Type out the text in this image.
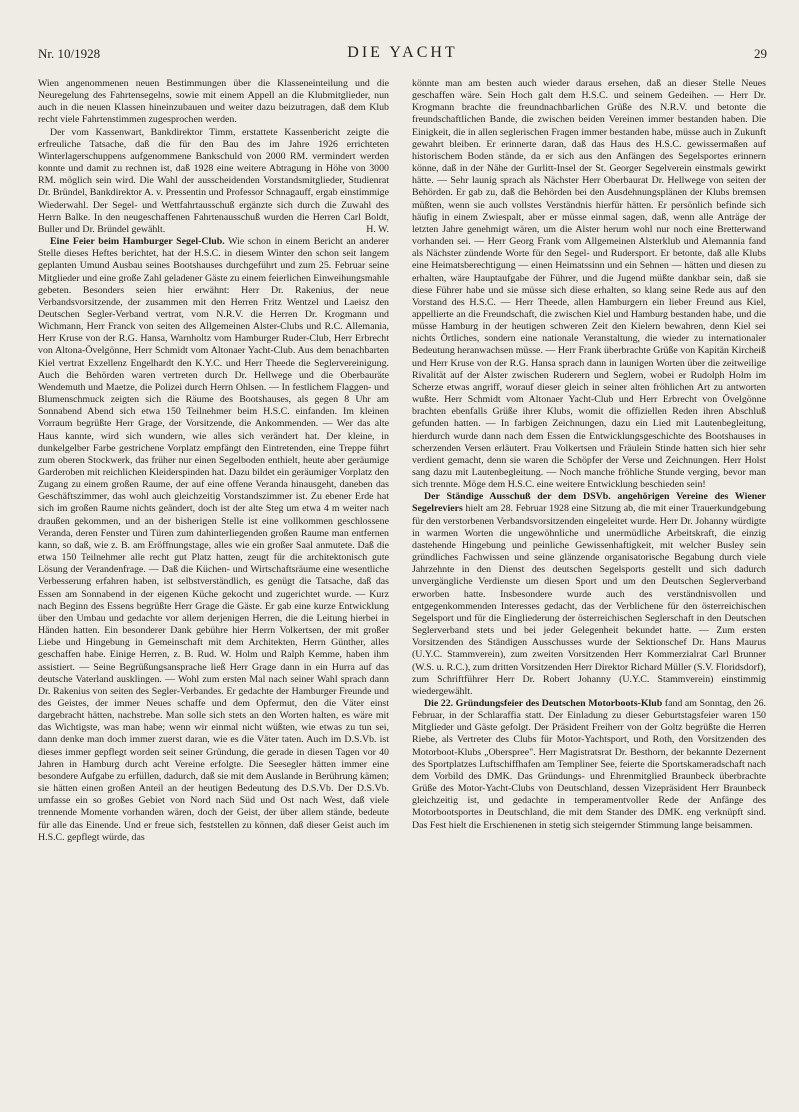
Nr. 10/1928	DIE YACHT	29

Wien angenommenen neuen Bestimmungen über die Klasseneinteilung und die Neuregelung des Fahrtensegelns, sowie mit einem Appell an die Klubmitglieder, nun auch in die neuen Klassen hineinzubauen und weiter dazu beizutragen, daß dem Klub recht viele Fahrtenstimmen zugesprochen werden.

Der vom Kassenwart, Bankdirektor Timm, erstattete Kassenbericht zeigte die erfreuliche Tatsache, daß die für den Bau des im Jahre 1926 errichteten Winterlagerschuppens aufgenommene Bankschuld von 2000 RM. vermindert werden konnte und damit zu rechnen ist, daß 1928 eine weitere Abtragung in Höhe von 3000 RM. möglich sein wird. Die Wahl der ausscheidenden Vorstandsmitglieder, Studienrat Dr. Bründel, Bankdirektor A. v. Pressentin und Professor Schnagauff, ergab einstimmige Wiederwahl. Der Segel- und Wettfahrtausschuß ergänzte sich durch die Zuwahl des Herrn Balke. In den neugeschaffenen Fahrtenausschuß wurden die Herren Carl Boldt, Buller und Dr. Bründel gewählt.	H. W.

Eine Feier beim Hamburger Segel-Club. Wie schon in einem Bericht an anderer Stelle dieses Heftes berichtet, hat der H.S.C. in diesem Winter den schon seit langem geplanten Umund Ausbau seines Bootshauses durchgeführt und zum 25. Februar seine Mitglieder und eine große Zahl geladener Gäste zu einem feierlichen Einweihungsmahle gebeten. Besonders seien hier erwähnt: Herr Dr. Rakenius, der neue Verbandsvorsitzende, der zusammen mit den Herren Fritz Wentzel und Laeisz den Deutschen Segler-Verband vertrat, vom N.R.V. die Herren Dr. Krogmann und Wichmann, Herr Franck von seiten des Allgemeinen Alster-Clubs und R.C. Allemania, Herr Kruse von der R.G. Hansa, Warnholtz vom Hamburger Ruder-Club, Herr Erbrecht von Altona-Övelgönne, Herr Schmidt vom Altonaer Yacht-Club. Aus dem benachbarten Kiel vertrat Exzellenz Engelhardt den K.Y.C. und Herr Theede die Seglervereinigung. Auch die Behörden waren vertreten durch Dr. Hellwege und die Oberbauräte Wendemuth und Maetze, die Polizei durch Herrn Ohlsen. — In festlichem Flaggen- und Blumenschmuck zeigten sich die Räume des Bootshauses, als gegen 8 Uhr am Sonnabend Abend sich etwa 150 Teilnehmer beim H.S.C. einfanden. Im kleinen Vorraum begrüßte Herr Grage, der Vorsitzende, die Ankommenden. — Wer das alte Haus kannte, wird sich wundern, wie alles sich verändert hat. Der kleine, in dunkelgelber Farbe gestrichene Vorplatz empfängt den Eintretenden, eine Treppe führt zum oberen Stockwerk, das früher nur einen Segelboden enthielt, heute aber geräumige Garderoben mit reichlichen Kleiderspinden hat. Dazu bildet ein geräumiger Vorplatz den Zugang zu einem großen Raume, der auf eine offene Veranda hinausgeht, daneben das Geschäftszimmer, das wohl auch gleichzeitig Vorstandszimmer ist. Zu ebener Erde hat sich im großen Raume nichts geändert, doch ist der alte Steg um etwa 4 m weiter nach draußen gekommen, und an der bisherigen Stelle ist eine vollkommen geschlossene Veranda, deren Fenster und Türen zum dahinterliegenden großen Raume man entfernen kann, so daß, wie z. B. am Eröffnungstage, alles wie ein großer Saal anmutete. Daß die etwa 150 Teilnehmer alle recht gut Platz hatten, zeugt für die architektonisch gute Lösung der Verandenfrage. — Daß die Küchen- und Wirtschaftsräume eine wesentliche Verbesserung erfahren haben, ist selbstverständlich, es genügt die Tatsache, daß das Essen am Sonnabend in der eigenen Küche gekocht und zugerichtet wurde. — Kurz nach Beginn des Essens begrüßte Herr Grage die Gäste. Er gab eine kurze Entwicklung über den Umbau und gedachte vor allem derjenigen Herren, die die Leitung hierbei in Händen hatten. Ein besonderer Dank gebühre hier Herrn Volkertsen, der mit großer Liebe und Hingebung in Gemeinschaft mit dem Architekten, Herrn Günther, alles geschaffen habe. Einige Herren, z. B. Rud. W. Holm und Ralph Kemme, haben ihm assistiert. — Seine Begrüßungsansprache ließ Herr Grage dann in ein Hurra auf das deutsche Vaterland ausklingen. — Wohl zum ersten Mal nach seiner Wahl sprach dann Dr. Rakenius von seiten des Segler-Verbandes. Er gedachte der Hamburger Freunde und des Geistes, der immer Neues schaffe und dem Opfermut, den die Väter einst dargebracht hätten, nachstrebe. Man solle sich stets an den Worten halten, es wäre mit das Wichtigste, was man habe; wenn wir einmal nicht wüßten, wie etwas zu tun sei, dann denke man doch immer zuerst daran, wie es die Väter taten. Auch im D.S.Vb. ist dieses immer gepflegt worden seit seiner Gründung, die gerade in diesen Tagen vor 40 Jahren in Hamburg durch acht Vereine erfolgte. Die Seesegler hätten immer eine besondere Aufgabe zu erfüllen, dadurch, daß sie mit dem Auslande in Berührung kämen; sie hätten einen großen Anteil an der heutigen Bedeutung des D.S.Vb. Der D.S.Vb. umfasse ein so großes Gebiet von Nord nach Süd und Ost nach West, daß viele trennende Momente vorhanden wären, doch der Geist, der über allem stände, bedeute für alle das Einende. Und er freue sich, feststellen zu können, daß dieser Geist auch im H.S.C. gepflegt würde, das

könnte man am besten auch wieder daraus ersehen, daß an dieser Stelle Neues geschaffen wäre. Sein Hoch galt dem H.S.C. und seinem Gedeihen. — Herr Dr. Krogmann brachte die freundnachbarlichen Grüße des N.R.V. und betonte die freundschaftlichen Bande, die zwischen beiden Vereinen immer bestanden haben. Die Einigkeit, die in allen seglerischen Fragen immer bestanden habe, müsse auch in Zukunft gewahrt bleiben. Er erinnerte daran, daß das Haus des H.S.C. gewissermaßen auf historischem Boden stände, da er sich aus den Anfängen des Segelsportes erinnern könne, daß in der Nähe der Gurlitt-Insel der St. Georger Segelverein einstmals gewirkt hätte. — Sehr launig sprach als Nächster Herr Oberbaurat Dr. Hellwege von seiten der Behörden. Er gab zu, daß die Behörden bei den Ausdehnungsplänen der Klubs bremsen müßten, wenn sie auch vollstes Verständnis hierfür hätten. Er persönlich befinde sich häufig in einem Zwiespalt, aber er müsse einmal sagen, daß, wenn alle Anträge der letzten Jahre genehmigt wären, um die Alster herum wohl nur noch eine Bretterwand vorhanden sei. — Herr Georg Frank vom Allgemeinen Alsterklub und Alemannia fand als Nächster zündende Worte für den Segel- und Rudersport. Er betonte, daß alle Klubs eine Heimatsberechtigung — einen Heimatssinn und ein Sehnen — hätten und diesen zu erhalten, wäre Hauptaufgabe der Führer, und die Jugend müßte dankbar sein, daß sie diese Führer habe und sie müsse sich diese erhalten, so klang seine Rede aus auf den Vorstand des H.S.C. — Herr Theede, allen Hamburgern ein lieber Freund aus Kiel, appellierte an die Freundschaft, die zwischen Kiel und Hamburg bestanden habe, und die müsse Hamburg in der heutigen schweren Zeit den Kielern bewahren, denn Kiel sei nichts Örtliches, sondern eine nationale Veranstaltung, die wieder zu internationaler Bedeutung heranwachsen müsse. — Herr Frank überbrachte Grüße von Kapitän Kircheiß und Herr Kruse von der R.G. Hansa sprach dann in launigen Worten über die zeitweilige Rivalität auf der Alster zwischen Ruderern und Seglern, wobei er Rudolph Holm im Scherze etwas angriff, worauf dieser gleich in seiner alten fröhlichen Art zu antworten wußte. Herr Schmidt vom Altonaer Yacht-Club und Herr Erbrecht von Övelgönne brachten ebenfalls Grüße ihrer Klubs, womit die offiziellen Reden ihren Abschluß gefunden hatten. — In farbigen Zeichnungen, dazu ein Lied mit Lautenbegleitung, hierdurch wurde dann nach dem Essen die Entwicklungsgeschichte des Bootshauses in scherzenden Versen erläutert. Frau Volkertsen und Fräulein Stinde hatten sich hier sehr verdient gemacht, denn sie waren die Schöpfer der Verse und Zeichnungen. Herr Holst sang dazu mit Lautenbegleitung. — Noch manche fröhliche Stunde verging, bevor man sich trennte. Möge dem H.S.C. eine weitere Entwicklung beschieden sein!

Der Ständige Ausschuß der dem DSVb. angehörigen Vereine des Wiener Segelreviers hielt am 28. Februar 1928 eine Sitzung ab, die mit einer Trauerkundgebung für den verstorbenen Verbandsvorsitzenden eingeleitet wurde. Herr Dr. Johanny würdigte in warmen Worten die ungewöhnliche und unermüdliche Arbeitskraft, die einzig dastehende Hingebung und peinliche Gewissenhaftigkeit, mit welcher Busley sein gründliches Fachwissen und seine glänzende organisatorische Begabung durch viele Jahrzehnte in den Dienst des deutschen Segelsports gestellt und sich dadurch unvergängliche Verdienste um diesen Sport und um den Deutschen Seglerverband erworben hatte. Insbesondere wurde auch des verständnisvollen und entgegenkommenden Interesses gedacht, das der Verblichene für den österreichischen Segelsport und für die Eingliederung der österreichischen Seglerschaft in den Deutschen Seglerverband stets und bei jeder Gelegenheit bekundet hatte. — Zum ersten Vorsitzenden des Ständigen Ausschusses wurde der Sektionschef Dr. Hans Maurus (U.Y.C. Stammverein), zum zweiten Vorsitzenden Herr Kommerzialrat Carl Brunner (W.S. u. R.C.), zum dritten Vorsitzenden Herr Direktor Richard Müller (S.V. Floridsdorf), zum Schriftführer Herr Dr. Robert Johanny (U.Y.C. Stammverein) einstimmig wiedergewählt.

Die 22. Gründungsfeier des Deutschen Motorboots-Klub fand am Sonntag, den 26. Februar, in der Schlaraffia statt. Der Einladung zu dieser Geburtstagsfeier waren 150 Mitglieder und Gäste gefolgt. Der Präsident Freiherr von der Goltz begrüßte die Herren Riebe, als Vertreter des Clubs für Motor-Yachtsport, und Roth, den Vorsitzenden des Motorboot-Klubs „Oberspree". Herr Magistratsrat Dr. Besthorn, der bekannte Dezernent des Sportplatzes Luftschiffhafen am Templiner See, feierte die Sportskameradschaft nach dem Vorbild des DMK. Das Gründungs- und Ehrenmitglied Braunbeck überbrachte Grüße des Motor-Yacht-Clubs von Deutschland, dessen Vizepräsident Herr Braunbeck gleichzeitig ist, und gedachte in temperamentvoller Rede der Anfänge des Motorbootsportes in Deutschland, die mit dem Stander des DMK. eng verknüpft sind. Das Fest hielt die Erschienenen in stetig sich steigernder Stimmung lange beisammen.
